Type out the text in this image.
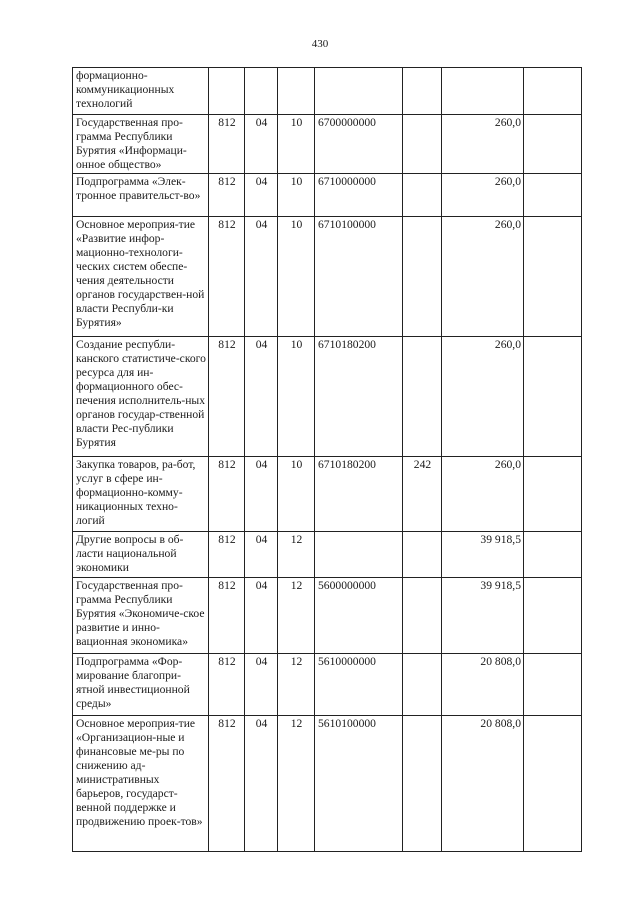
430
формационно-коммуникационных технологий							
Государственная про-грамма Республики Бурятия «Информаци-онное общество»	812	04	10	6700000000		260,0	
Подпрограмма «Элек-тронное правительст-во»	812	04	10	6710000000		260,0	
Основное мероприя-тие «Развитие инфор-мационно-технологи-ческих систем обеспе-чения деятельности органов государствен-ной власти Республи-ки Бурятия»	812	04	10	6710100000		260,0	
Создание республи-канского статистиче-ского ресурса для ин-формационного обес-печения исполнитель-ных органов государ-ственной власти Рес-публики Бурятия	812	04	10	6710180200		260,0	
Закупка товаров, ра-бот, услуг в сфере ин-формационно-комму-никационных техно-логий	812	04	10	6710180200	242	260,0	
Другие вопросы в об-ласти национальной экономики	812	04	12			39 918,5	
Государственная про-грамма Республики Бурятия «Экономиче-ское развитие и инно-вационная экономика»	812	04	12	5600000000		39 918,5	
Подпрограмма «Фор-мирование благопри-ятной инвестиционной среды»	812	04	12	5610000000		20 808,0	
Основное мероприя-тие «Организацион-ные и финансовые ме-ры по снижению ад-министративных барьеров, государст-венной поддержке и продвижению проек-тов»	812	04	12	5610100000		20 808,0	
